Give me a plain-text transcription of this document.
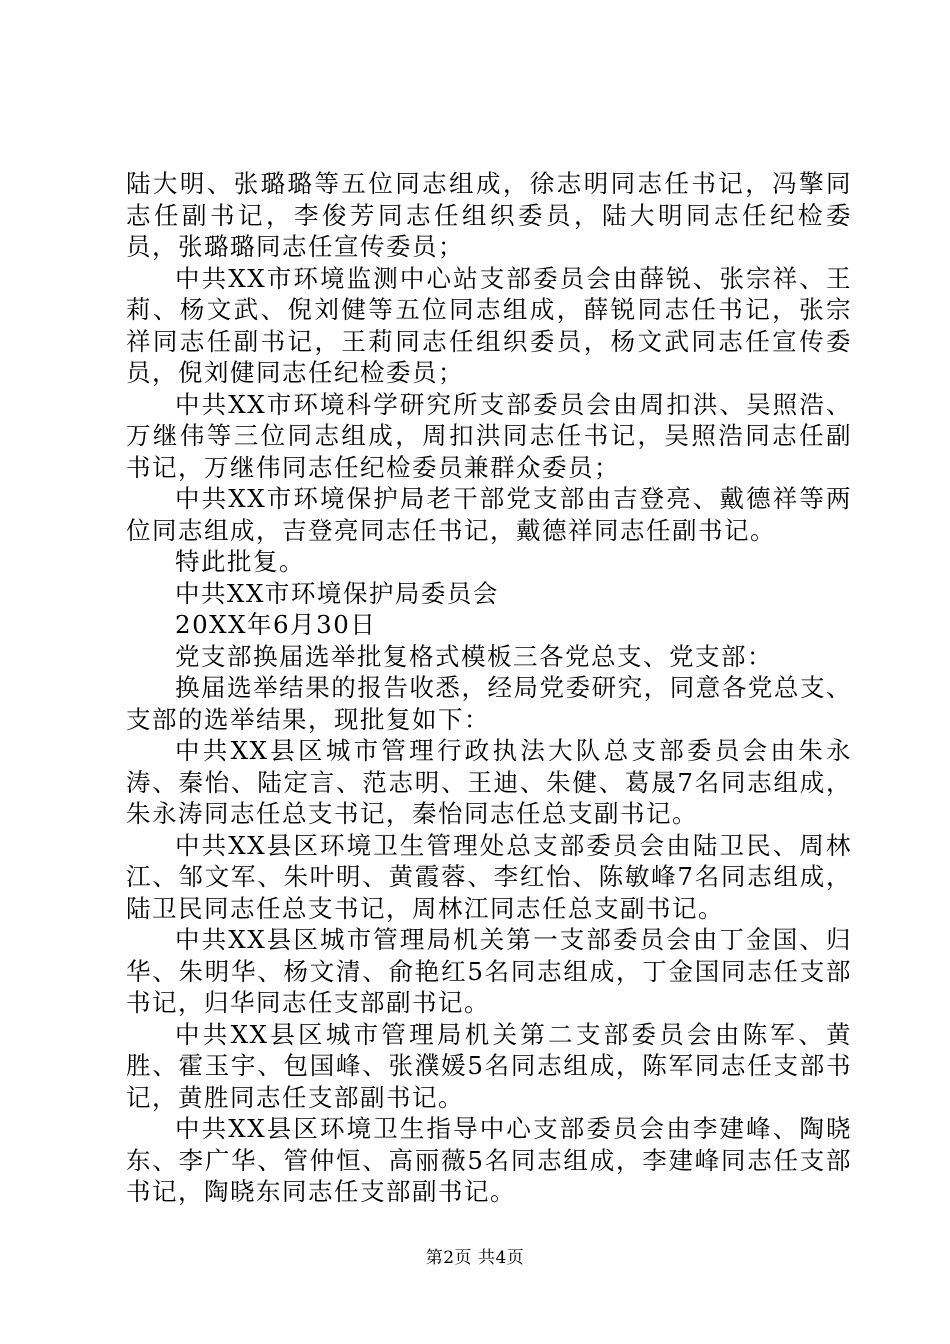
陆大明、张璐璐等五位同志组成，徐志明同志任书记，冯擎同志任副书记，李俊芳同志任组织委员，陆大明同志任纪检委员，张璐璐同志任宣传委员；

中共XX市环境监测中心站支部委员会由薛锐、张宗祥、王莉、杨文武、倪刘健等五位同志组成，薛锐同志任书记，张宗祥同志任副书记，王莉同志任组织委员，杨文武同志任宣传委员，倪刘健同志任纪检委员；

中共XX市环境科学研究所支部委员会由周扣洪、吴照浩、万继伟等三位同志组成，周扣洪同志任书记，吴照浩同志任副书记，万继伟同志任纪检委员兼群众委员；

中共XX市环境保护局老干部党支部由吉登亮、戴德祥等两位同志组成，吉登亮同志任书记，戴德祥同志任副书记。

特此批复。

中共XX市环境保护局委员会

20XX年6月30日

党支部换届选举批复格式模板三各党总支、党支部：

换届选举结果的报告收悉，经局党委研究，同意各党总支、支部的选举结果，现批复如下：

中共XX县区城市管理行政执法大队总支部委员会由朱永涛、秦怡、陆定言、范志明、王迪、朱健、葛晟7名同志组成，朱永涛同志任总支书记，秦怡同志任总支副书记。

中共XX县区环境卫生管理处总支部委员会由陆卫民、周林江、邹文军、朱叶明、黄霞蓉、李红怡、陈敏峰7名同志组成，陆卫民同志任总支书记，周林江同志任总支副书记。

中共XX县区城市管理局机关第一支部委员会由丁金国、归华、朱明华、杨文清、俞艳红5名同志组成，丁金国同志任支部书记，归华同志任支部副书记。

中共XX县区城市管理局机关第二支部委员会由陈军、黄胜、霍玉宇、包国峰、张濮媛5名同志组成，陈军同志任支部书记，黄胜同志任支部副书记。

中共XX县区环境卫生指导中心支部委员会由李建峰、陶晓东、李广华、管仲恒、高丽薇5名同志组成，李建峰同志任支部书记，陶晓东同志任支部副书记。

第2页 共4页
